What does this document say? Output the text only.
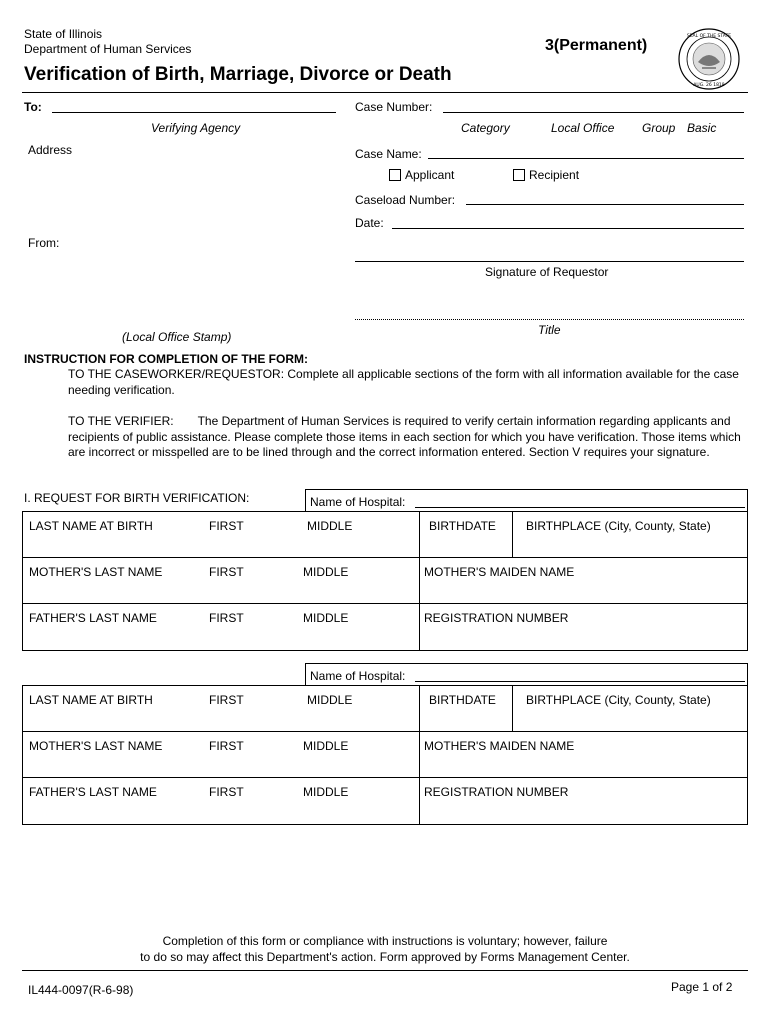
State of Illinois
Department of Human Services	3(Permanent)
Verification of Birth, Marriage, Divorce or Death
SEAL OF THE STATE
AUG. 26 1818
To:
Verifying Agency
Address
From:
(Local Office Stamp)
Case Number:
Category	Local Office Group Basic
Case Name:
Applicant	Recipient
Caseload Number:
Date:
Signature of Requestor
Title
INSTRUCTION FOR COMPLETION OF THE FORM:
TO THE CASEWORKER/REQUESTOR: Complete all applicable sections of the form with all information available for the case needing verification.
TO THE VERIFIER: The Department of Human Services is required to verify certain information regarding applicants and recipients of public assistance. Please complete those items in each section for which you have verification. Those items which are incorrect or misspelled are to be lined through and the correct information entered. Section V requires your signature.
I. REQUEST FOR BIRTH VERIFICATION:	Name of Hospital:
LAST NAME AT BIRTH	FIRST	MIDDLE	BIRTHDATE	BIRTHPLACE (City, County, State)
MOTHER'S LAST NAME	FIRST	MIDDLE	MOTHER'S MAIDEN NAME
FATHER'S LAST NAME	FIRST	MIDDLE	REGISTRATION NUMBER
Name of Hospital:
LAST NAME AT BIRTH	FIRST	MIDDLE	BIRTHDATE	BIRTHPLACE (City, County, State)
MOTHER'S LAST NAME	FIRST	MIDDLE	MOTHER'S MAIDEN NAME
FATHER'S LAST NAME	FIRST	MIDDLE	REGISTRATION NUMBER
Completion of this form or compliance with instructions is voluntary; however, failure
to do so may affect this Department's action. Form approved by Forms Management Center.
IL444-0097(R-6-98)	Page 1 of 2
